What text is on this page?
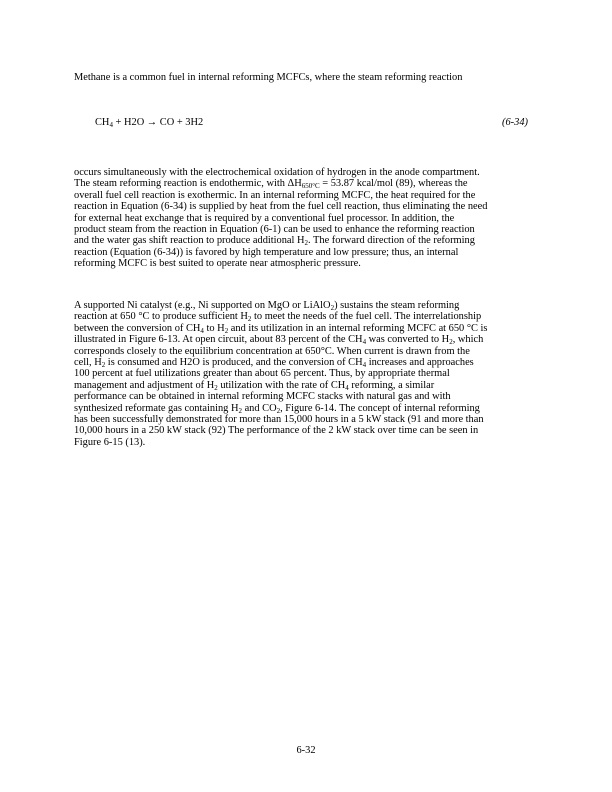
Methane is a common fuel in internal reforming MCFCs, where the steam reforming reaction

$CH_4 + H2O$ → CO + 3H2	(6-34)

occurs simultaneously with the electrochemical oxidation of hydrogen in the anode compartment.
The steam reforming reaction is endothermic, with $\Delta H_{650^\circ C} = 53.87$ kcal/mol (89), whereas the
overall fuel cell reaction is exothermic. In an internal reforming MCFC, the heat required for the
reaction in Equation (6-34) is supplied by heat from the fuel cell reaction, thus eliminating the need
for external heat exchange that is required by a conventional fuel processor. In addition, the
product steam from the reaction in Equation (6-1) can be used to enhance the reforming reaction
and the water gas shift reaction to produce additional $H_2$. The forward direction of the reforming
reaction (Equation (6-34)) is favored by high temperature and low pressure; thus, an internal
reforming MCFC is best suited to operate near atmospheric pressure.

A supported Ni catalyst (e.g., Ni supported on MgO or LiAlO$_2$) sustains the steam reforming
reaction at 650 °C to produce sufficient $H_2$ to meet the needs of the fuel cell. The interrelationship
between the conversion of $CH_4$ to $H_2$ and its utilization in an internal reforming MCFC at 650 °C is
illustrated in Figure 6-13. At open circuit, about 83 percent of the $CH_4$ was converted to $H_2$, which
corresponds closely to the equilibrium concentration at 650°C. When current is drawn from the
cell, $H_2$ is consumed and H2O is produced, and the conversion of $CH_4$ increases and approaches
100 percent at fuel utilizations greater than about 65 percent. Thus, by appropriate thermal
management and adjustment of $H_2$ utilization with the rate of $CH_4$ reforming, a similar
performance can be obtained in internal reforming MCFC stacks with natural gas and with
synthesized reformate gas containing $H_2$ and $CO_2$, Figure 6-14. The concept of internal reforming
has been successfully demonstrated for more than 15,000 hours in a 5 kW stack (91 and more than
10,000 hours in a 250 kW stack (92) The performance of the 2 kW stack over time can be seen in
Figure 6-15 (13).

6-32
